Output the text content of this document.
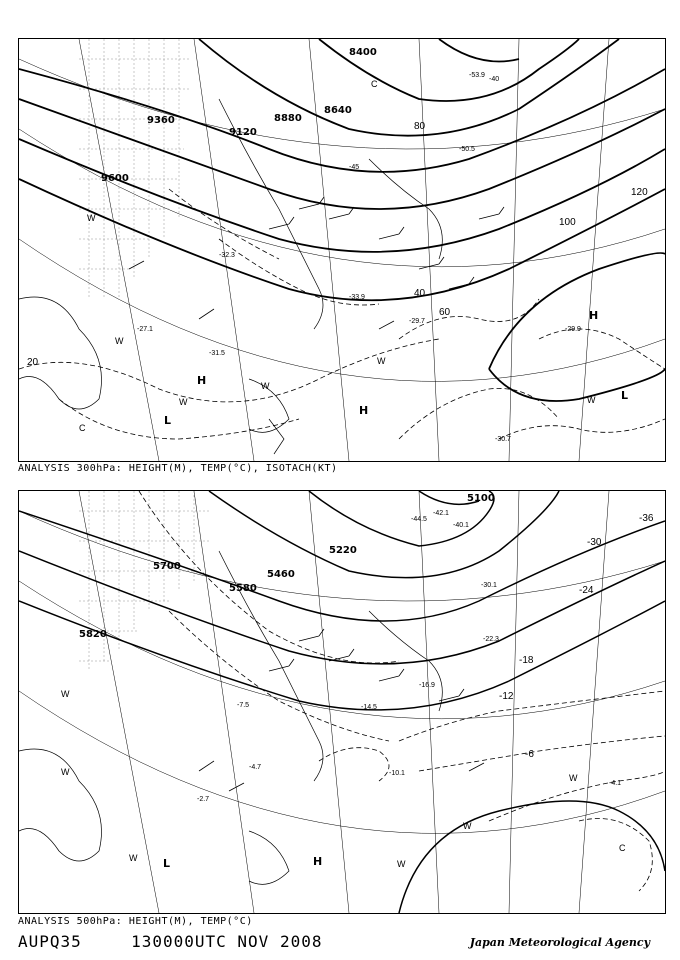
8400
8640
8880
9120
9360
9600
20
40
60
80
100
120
-40
-45
-50.5
-53.9
-33.9
-32.3
-29.7
-27.1
-31.5
-30.7
-29.9
H
H
H
L
L
W
W
W
W
W
W
C
C
ANALYSIS 300hPa: HEIGHT(M), TEMP(°C), ISOTACH(KT)
5100
5220
5460
5580
5700
5820
-36
-30
-24
-18
-12
-6
-44.5
-42.1
-40.1
-30.1
-22.3
-16.9
-14.5
-10.1
-7.5
-4.7
-2.7
-4.1
H
L
W
W
W
W
W
W
C
ANALYSIS 500hPa: HEIGHT(M), TEMP(°C)
AUPQ35	130000UTC NOV 2008	Japan Meteorological Agency
